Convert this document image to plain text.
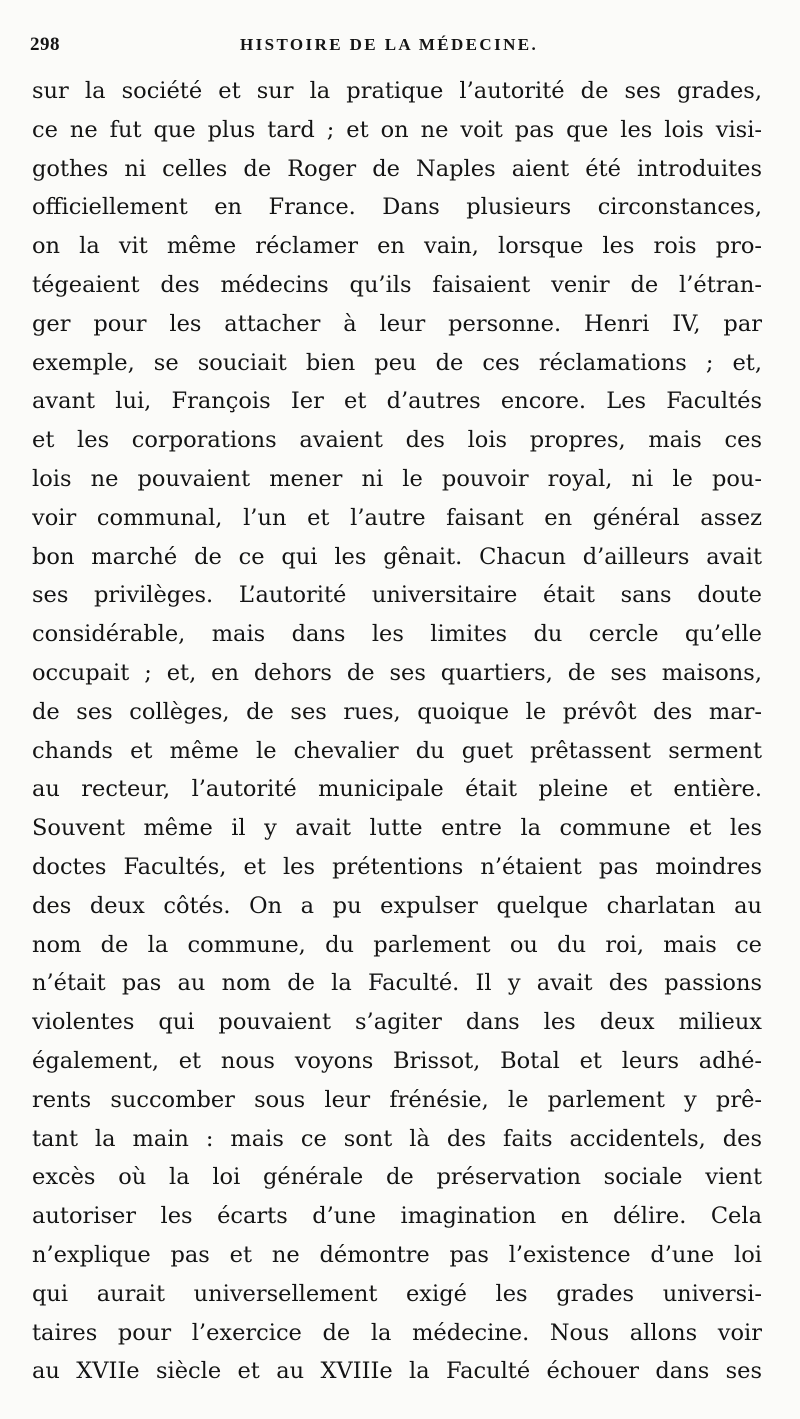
298	HISTOIRE DE LA MÉDECINE.
sur la société et sur la pratique l’autorité de ses grades,
ce ne fut que plus tard ; et on ne voit pas que les lois visi-
gothes ni celles de Roger de Naples aient été introduites
officiellement en France. Dans plusieurs circonstances,
on la vit même réclamer en vain, lorsque les rois pro-
tégeaient des médecins qu’ils faisaient venir de l’étran-
ger pour les attacher à leur personne. Henri IV, par
exemple, se souciait bien peu de ces réclamations ; et,
avant lui, François Ier et d’autres encore. Les Facultés
et les corporations avaient des lois propres, mais ces
lois ne pouvaient mener ni le pouvoir royal, ni le pou-
voir communal, l’un et l’autre faisant en général assez
bon marché de ce qui les gênait. Chacun d’ailleurs avait
ses privilèges. L’autorité universitaire était sans doute
considérable, mais dans les limites du cercle qu’elle
occupait ; et, en dehors de ses quartiers, de ses maisons,
de ses collèges, de ses rues, quoique le prévôt des mar-
chands et même le chevalier du guet prêtassent serment
au recteur, l’autorité municipale était pleine et entière.
Souvent même il y avait lutte entre la commune et les
doctes Facultés, et les prétentions n’étaient pas moindres
des deux côtés. On a pu expulser quelque charlatan au
nom de la commune, du parlement ou du roi, mais ce
n’était pas au nom de la Faculté. Il y avait des passions
violentes qui pouvaient s’agiter dans les deux milieux
également, et nous voyons Brissot, Botal et leurs adhé-
rents succomber sous leur frénésie, le parlement y prê-
tant la main : mais ce sont là des faits accidentels, des
excès où la loi générale de préservation sociale vient
autoriser les écarts d’une imagination en délire. Cela
n’explique pas et ne démontre pas l’existence d’une loi
qui aurait universellement exigé les grades universi-
taires pour l’exercice de la médecine. Nous allons voir
au XVIIe siècle et au XVIIIe la Faculté échouer dans ses
